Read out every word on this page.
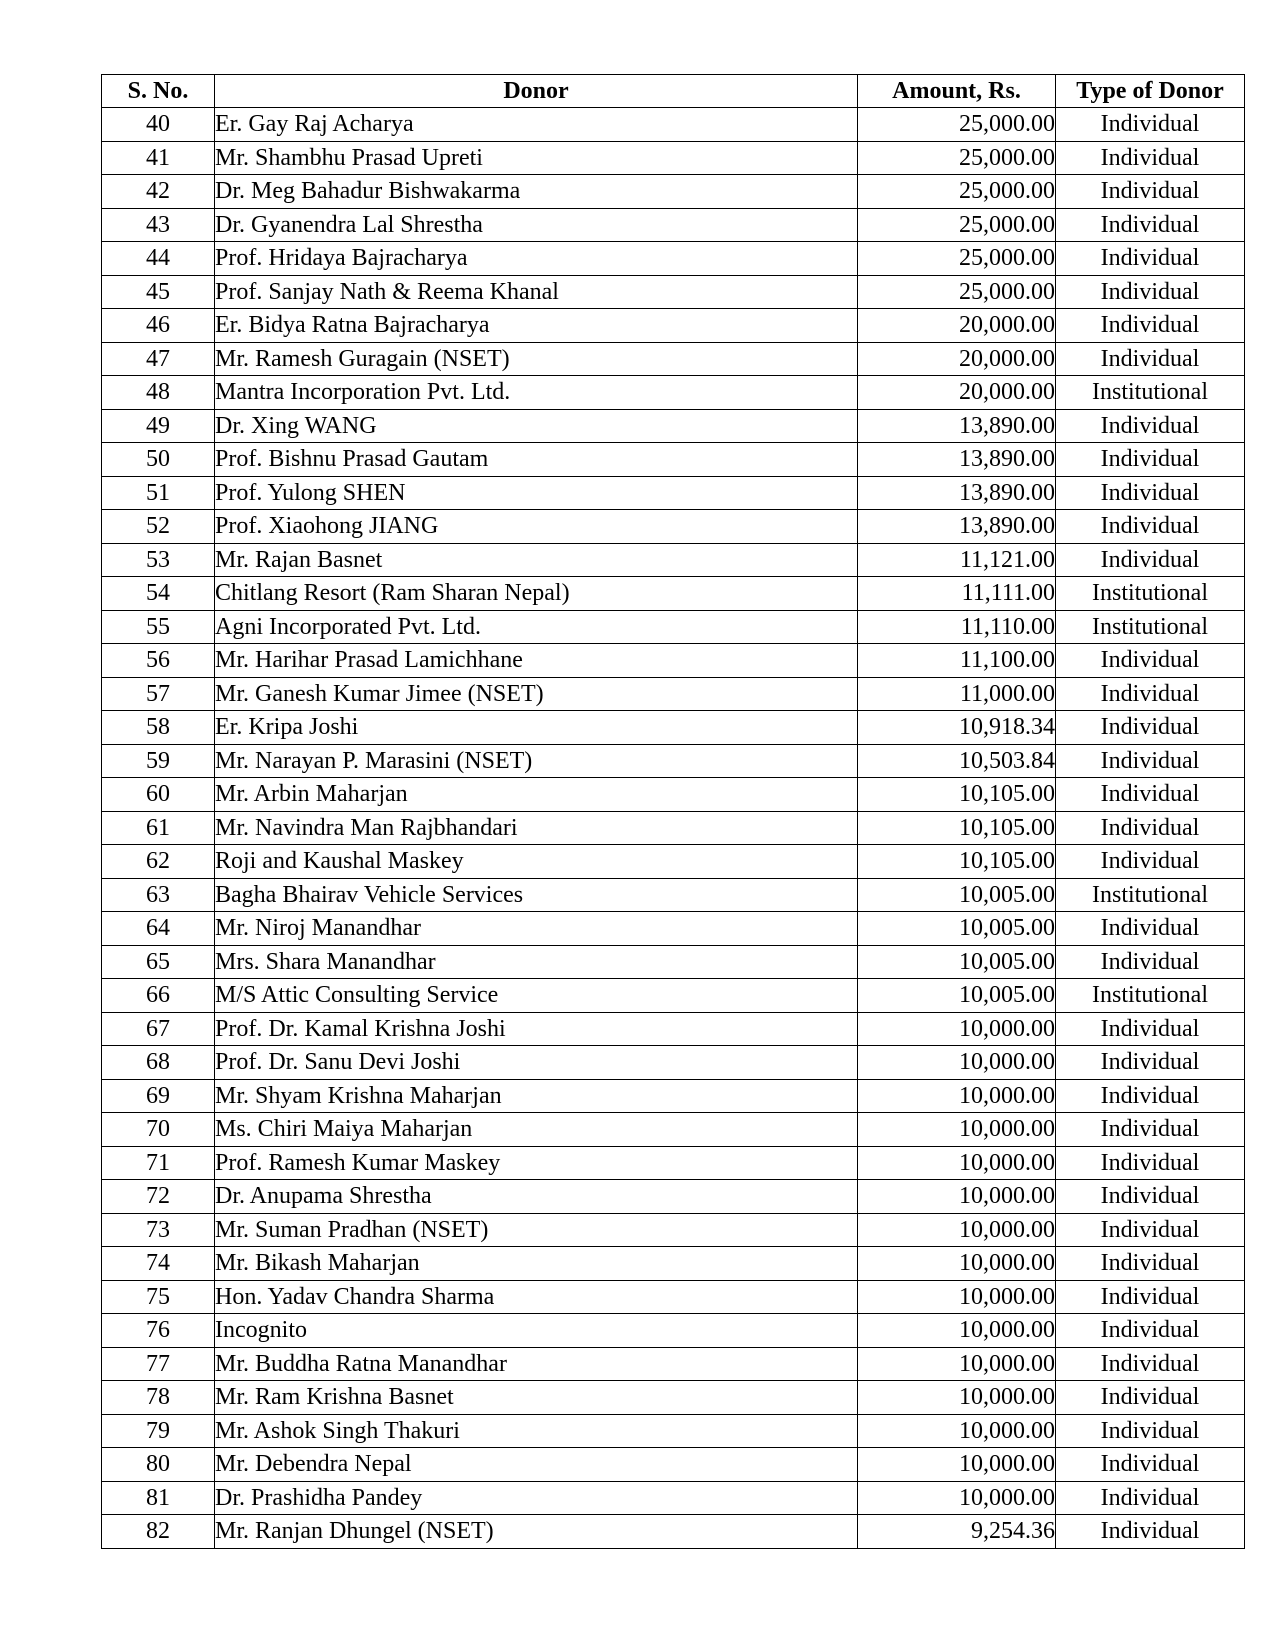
S. No.	Donor	Amount, Rs.	Type of Donor
40	Er. Gay Raj Acharya	25,000.00	Individual
41	Mr. Shambhu Prasad Upreti	25,000.00	Individual
42	Dr. Meg Bahadur Bishwakarma	25,000.00	Individual
43	Dr. Gyanendra Lal Shrestha	25,000.00	Individual
44	Prof. Hridaya Bajracharya	25,000.00	Individual
45	Prof. Sanjay Nath & Reema Khanal	25,000.00	Individual
46	Er. Bidya Ratna Bajracharya	20,000.00	Individual
47	Mr. Ramesh Guragain (NSET)	20,000.00	Individual
48	Mantra Incorporation Pvt. Ltd.	20,000.00	Institutional
49	Dr. Xing WANG	13,890.00	Individual
50	Prof. Bishnu Prasad Gautam	13,890.00	Individual
51	Prof. Yulong SHEN	13,890.00	Individual
52	Prof. Xiaohong JIANG	13,890.00	Individual
53	Mr. Rajan Basnet	11,121.00	Individual
54	Chitlang Resort (Ram Sharan Nepal)	11,111.00	Institutional
55	Agni Incorporated Pvt. Ltd.	11,110.00	Institutional
56	Mr. Harihar Prasad Lamichhane	11,100.00	Individual
57	Mr. Ganesh Kumar Jimee (NSET)	11,000.00	Individual
58	Er. Kripa Joshi	10,918.34	Individual
59	Mr. Narayan P. Marasini (NSET)	10,503.84	Individual
60	Mr. Arbin Maharjan	10,105.00	Individual
61	Mr. Navindra Man Rajbhandari	10,105.00	Individual
62	Roji and Kaushal Maskey	10,105.00	Individual
63	Bagha Bhairav Vehicle Services	10,005.00	Institutional
64	Mr. Niroj Manandhar	10,005.00	Individual
65	Mrs. Shara Manandhar	10,005.00	Individual
66	M/S Attic Consulting Service	10,005.00	Institutional
67	Prof. Dr. Kamal Krishna Joshi	10,000.00	Individual
68	Prof. Dr. Sanu Devi Joshi	10,000.00	Individual
69	Mr. Shyam Krishna Maharjan	10,000.00	Individual
70	Ms. Chiri Maiya Maharjan	10,000.00	Individual
71	Prof. Ramesh Kumar Maskey	10,000.00	Individual
72	Dr. Anupama Shrestha	10,000.00	Individual
73	Mr. Suman Pradhan (NSET)	10,000.00	Individual
74	Mr. Bikash Maharjan	10,000.00	Individual
75	Hon. Yadav Chandra Sharma	10,000.00	Individual
76	Incognito	10,000.00	Individual
77	Mr. Buddha Ratna Manandhar	10,000.00	Individual
78	Mr. Ram Krishna Basnet	10,000.00	Individual
79	Mr. Ashok Singh Thakuri	10,000.00	Individual
80	Mr. Debendra Nepal	10,000.00	Individual
81	Dr. Prashidha Pandey	10,000.00	Individual
82	Mr. Ranjan Dhungel (NSET)	9,254.36	Individual
